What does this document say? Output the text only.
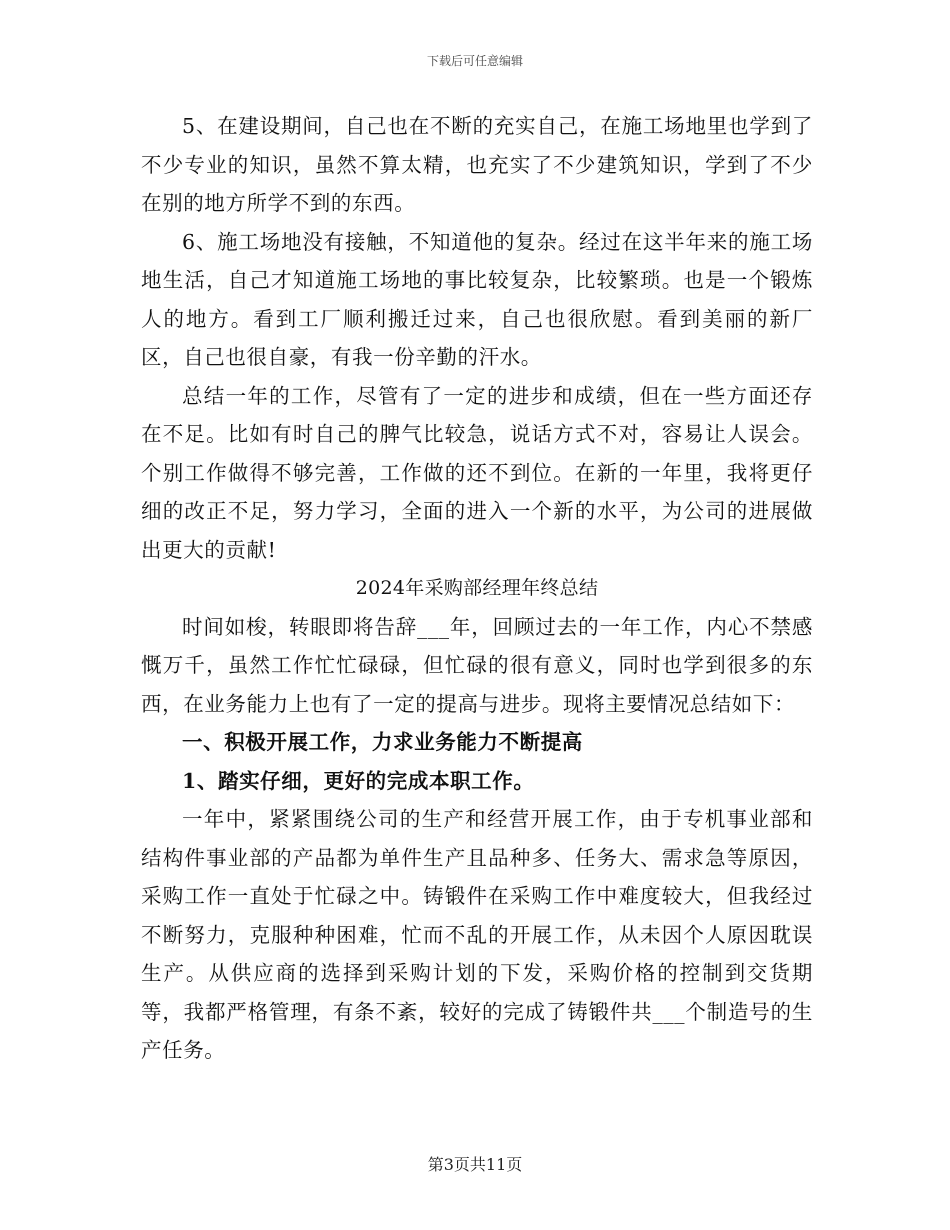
下载后可任意编辑

5、在建设期间，自己也在不断的充实自己，在施工场地里也学到了不少专业的知识，虽然不算太精，也充实了不少建筑知识，学到了不少在别的地方所学不到的东西。

6、施工场地没有接触，不知道他的复杂。经过在这半年来的施工场地生活，自己才知道施工场地的事比较复杂，比较繁琐。也是一个锻炼人的地方。看到工厂顺利搬迁过来，自己也很欣慰。看到美丽的新厂区，自己也很自豪，有我一份辛勤的汗水。

总结一年的工作，尽管有了一定的进步和成绩，但在一些方面还存在不足。比如有时自己的脾气比较急，说话方式不对，容易让人误会。个别工作做得不够完善，工作做的还不到位。在新的一年里，我将更仔细的改正不足，努力学习，全面的进入一个新的水平，为公司的进展做出更大的贡献!

2024年采购部经理年终总结

时间如梭，转眼即将告辞___年，回顾过去的一年工作，内心不禁感慨万千，虽然工作忙忙碌碌，但忙碌的很有意义，同时也学到很多的东西，在业务能力上也有了一定的提高与进步。现将主要情况总结如下：

一、积极开展工作，力求业务能力不断提高

1、踏实仔细，更好的完成本职工作。

一年中，紧紧围绕公司的生产和经营开展工作，由于专机事业部和结构件事业部的产品都为单件生产且品种多、任务大、需求急等原因，采购工作一直处于忙碌之中。铸锻件在采购工作中难度较大，但我经过不断努力，克服种种困难，忙而不乱的开展工作，从未因个人原因耽误生产。从供应商的选择到采购计划的下发，采购价格的控制到交货期等，我都严格管理，有条不紊，较好的完成了铸锻件共___个制造号的生产任务。

第3页共11页
